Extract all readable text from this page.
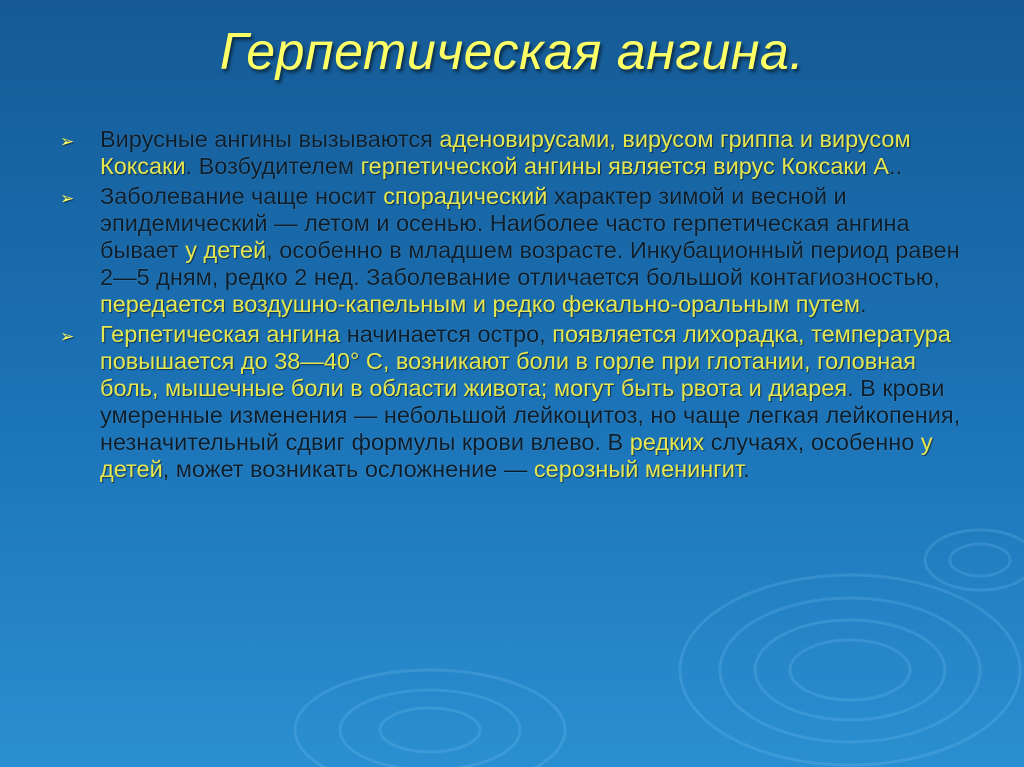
Герпетическая ангина.
➢	Вирусные ангины вызываются аденовирусами, вирусом гриппа и вирусом Коксаки. Возбудителем герпетической ангины является вирус Коксаки А..
➢	Заболевание чаще носит спорадический характер зимой и весной и эпидемический — летом и осенью. Наиболее часто герпетическая ангина бывает у детей, особенно в младшем возрасте. Инкубационный период равен 2—5 дням, редко 2 нед. Заболевание отличается большой контагиозностью, передается воздушно-капельным и редко фекально-оральным путем.
➢	Герпетическая ангина начинается остро, появляется лихорадка, температура повышается до 38—40° С, возникают боли в горле при глотании, головная боль, мышечные боли в области живота; могут быть рвота и диарея. В крови умеренные изменения — небольшой лейкоцитоз, но чаще легкая лейкопения, незначительный сдвиг формулы крови влево. В редких случаях, особенно у детей, может возникать осложнение — серозный менингит.
